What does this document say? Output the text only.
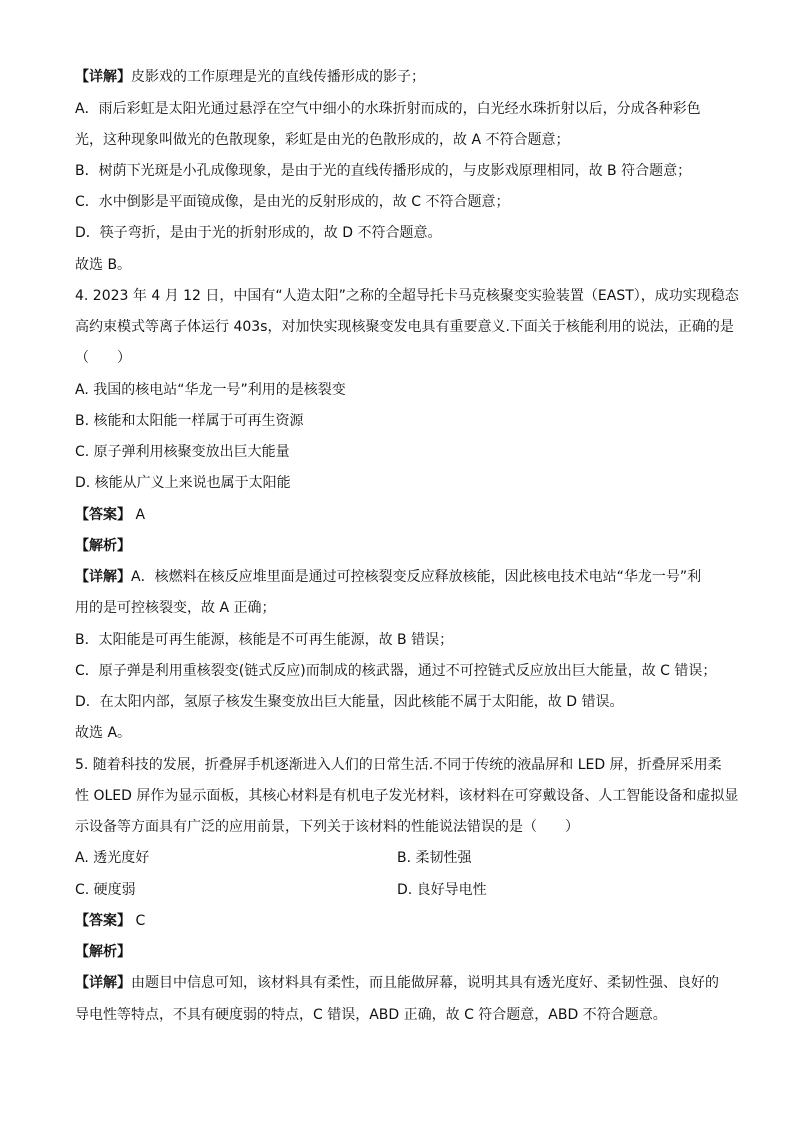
【详解】皮影戏的工作原理是光的直线传播形成的影子；
A．雨后彩虹是太阳光通过悬浮在空气中细小的水珠折射而成的，白光经水珠折射以后，分成各种彩色
光，这种现象叫做光的色散现象，彩虹是由光的色散形成的，故 A 不符合题意；
B．树荫下光斑是小孔成像现象，是由于光的直线传播形成的，与皮影戏原理相同，故 B 符合题意；
C．水中倒影是平面镜成像，是由光的反射形成的，故 C 不符合题意；
D．筷子弯折，是由于光的折射形成的，故 D 不符合题意。
故选 B。
4. 2023 年 4 月 12 日，中国有“人造太阳”之称的全超导托卡马克核聚变实验装置（EAST），成功实现稳态
高约束模式等离子体运行 403s，对加快实现核聚变发电具有重要意义.下面关于核能利用的说法，正确的是
（　　）
A. 我国的核电站“华龙一号”利用的是核裂变
B. 核能和太阳能一样属于可再生资源
C. 原子弹利用核聚变放出巨大能量
D. 核能从广义上来说也属于太阳能
【答案】 A
【解析】
【详解】A．核燃料在核反应堆里面是通过可控核裂变反应释放核能，因此核电技术电站“华龙一号”利
用的是可控核裂变，故 A 正确；
B．太阳能是可再生能源，核能是不可再生能源，故 B 错误；
C．原子弹是利用重核裂变(链式反应)而制成的核武器，通过不可控链式反应放出巨大能量，故 C 错误；
D．在太阳内部，氢原子核发生聚变放出巨大能量，因此核能不属于太阳能，故 D 错误。
故选 A。
5. 随着科技的发展，折叠屏手机逐渐进入人们的日常生活.不同于传统的液晶屏和 LED 屏，折叠屏采用柔
性 OLED 屏作为显示面板，其核心材料是有机电子发光材料，该材料在可穿戴设备、人工智能设备和虚拟显
示设备等方面具有广泛的应用前景，下列关于该材料的性能说法错误的是（　　）
A. 透光度好	B. 柔韧性强
C. 硬度弱	D. 良好导电性
【答案】 C
【解析】
【详解】由题目中信息可知，该材料具有柔性，而且能做屏幕，说明其具有透光度好、柔韧性强、良好的
导电性等特点，不具有硬度弱的特点，C 错误，ABD 正确，故 C 符合题意，ABD 不符合题意。
